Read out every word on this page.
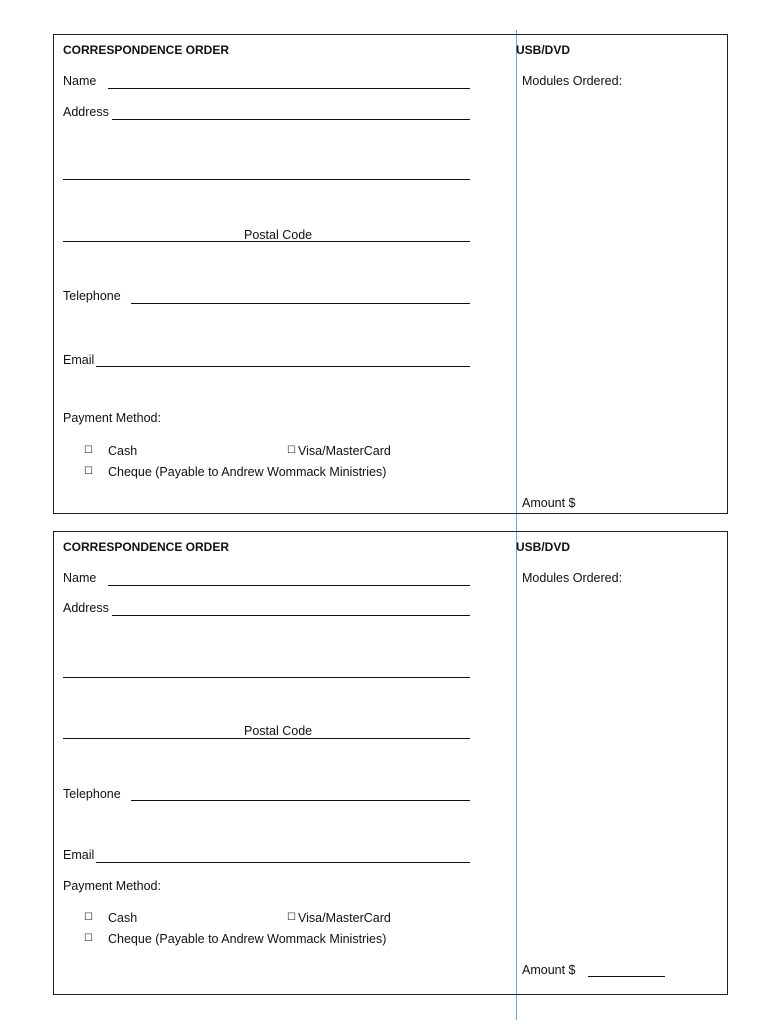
CORRESPONDENCE ORDER
Name
Address
Postal Code
Telephone
Email
Payment Method:
☐ Cash	☐ Visa/MasterCard
☐ Cheque (Payable to Andrew Wommack Ministries)
USB/DVD
Modules Ordered:
Amount $
CORRESPONDENCE ORDER
Name
Address
Postal Code
Telephone
Email
Payment Method:
☐ Cash	☐ Visa/MasterCard
☐ Cheque (Payable to Andrew Wommack Ministries)
USB/DVD
Modules Ordered:
Amount $
